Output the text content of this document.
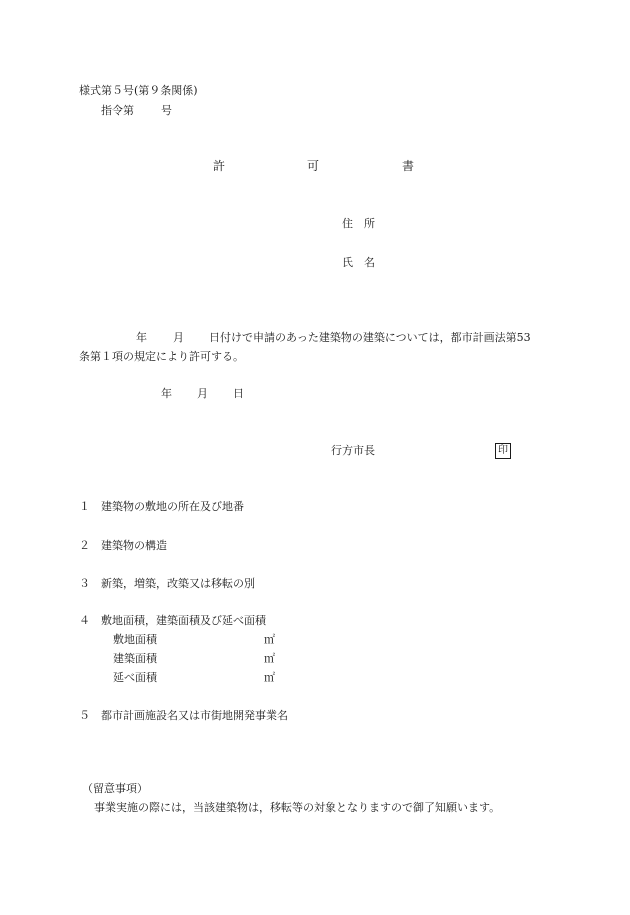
様式第５号(第９条関係)
指令第 号

許

	可

	書

住　所
氏　名
年 月 日付けで申請のあった建築物の建築については，都市計画法第53
条第１項の規定により許可する。
年 月 日
行方市長	印
１ 建築物の敷地の所在及び地番
２ 建築物の構造
３ 新築，増築，改築又は移転の別
４ 敷地面積，建築面積及び延べ面積
敷地面積	㎡
建築面積	㎡
延べ面積	㎡
５ 都市計画施設名又は市街地開発事業名
（留意事項）
事業実施の際には，当該建築物は，移転等の対象となりますので御了知願います。
